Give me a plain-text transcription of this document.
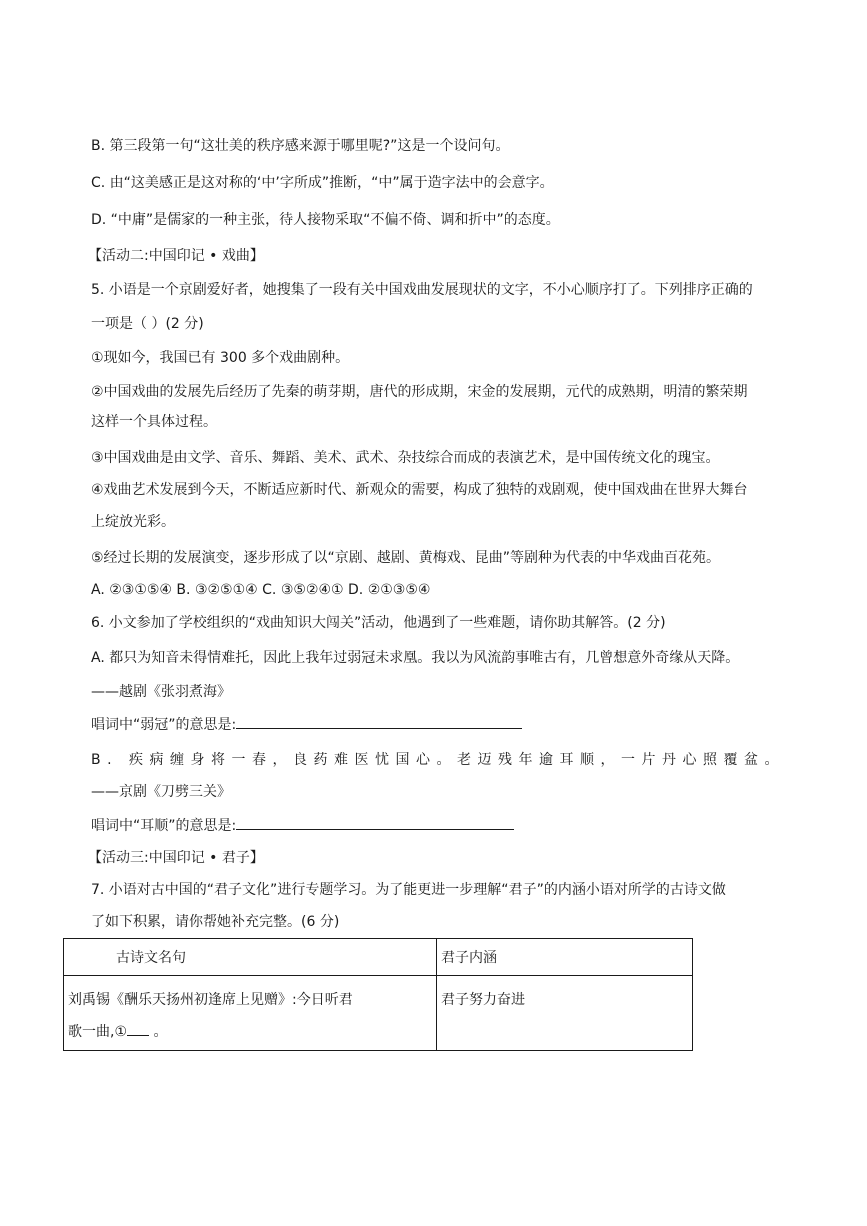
B. 第三段第一句“这壮美的秩序感来源于哪里呢?”这是一个设问句。
C. 由“这美感正是这对称的‘中’字所成”推断，“中”属于造字法中的会意字。
D. “中庸”是儒家的一种主张，待人接物采取“不偏不倚、调和折中”的态度。
【活动二:中国印记 • 戏曲】
5. 小语是一个京剧爱好者，她搜集了一段有关中国戏曲发展现状的文字，不小心顺序打了。下列排序正确的
一项是（ ）(2 分)
①现如今，我国已有 300 多个戏曲剧种。
②中国戏曲的发展先后经历了先秦的萌芽期，唐代的形成期，宋金的发展期，元代的成熟期，明清的繁荣期
这样一个具体过程。
③中国戏曲是由文学、音乐、舞蹈、美术、武术、杂技综合而成的表演艺术，是中国传统文化的瑰宝。
④戏曲艺术发展到今天，不断适应新时代、新观众的需要，构成了独特的戏剧观，使中国戏曲在世界大舞台
上绽放光彩。
⑤经过长期的发展演变，逐步形成了以“京剧、越剧、黄梅戏、昆曲”等剧种为代表的中华戏曲百花苑。
A. ②③①⑤④ B. ③②⑤①④ C. ③⑤②④① D. ②①③⑤④
6. 小文参加了学校组织的“戏曲知识大闯关”活动，他遇到了一些难题，请你助其解答。(2 分)
A. 都只为知音未得情难托，因此上我年过弱冠未求凰。我以为风流韵事唯古有，几曾想意外奇缘从天降。
——越剧《张羽煮海》
唱词中“弱冠”的意思是:
B. 疾病缠身将一春，良药难医忧国心。老迈残年逾耳顺，一片丹心照覆盆。
——京剧《刀劈三关》
唱词中“耳顺”的意思是:
【活动三:中国印记 • 君子】
7. 小语对古中国的“君子文化”进行专题学习。为了能更进一步理解“君子”的内涵小语对所学的古诗文做
了如下积累，请你帮她补充完整。(6 分)
古诗文名句	君子内涵

刘禹锡《酬乐天扬州初逢席上见赠》:今日听君
歌一曲,① 。	君子努力奋进
